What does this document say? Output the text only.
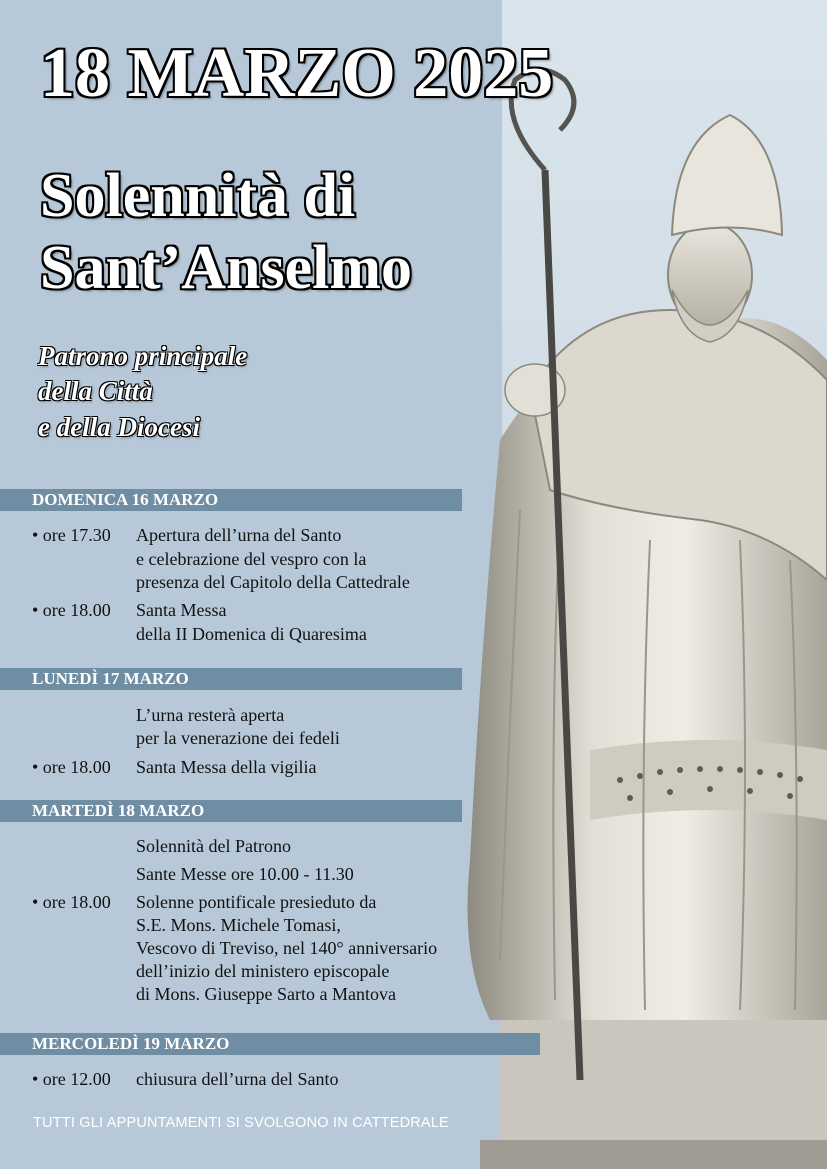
18 MARZO 2025
Solennità di
Sant’Anselmo
Patrono principale
della Città
e della Diocesi
DOMENICA 16 MARZO
• ore 17.30 Apertura dell’urna del Santo
e celebrazione del vespro con la
presenza del Capitolo della Cattedrale
• ore 18.00 Santa Messa
della II Domenica di Quaresima
LUNEDÌ 17 MARZO
L’urna resterà aperta
per la venerazione dei fedeli
• ore 18.00 Santa Messa della vigilia
MARTEDÌ 18 MARZO
Solennità del Patrono
Sante Messe ore 10.00 - 11.30
• ore 18.00 Solenne pontificale presieduto da
S.E. Mons. Michele Tomasi,
Vescovo di Treviso, nel 140° anniversario
dell’inizio del ministero episcopale
di Mons. Giuseppe Sarto a Mantova
MERCOLEDÌ 19 MARZO
• ore 12.00 chiusura dell’urna del Santo
TUTTI GLI APPUNTAMENTI SI SVOLGONO IN CATTEDRALE
